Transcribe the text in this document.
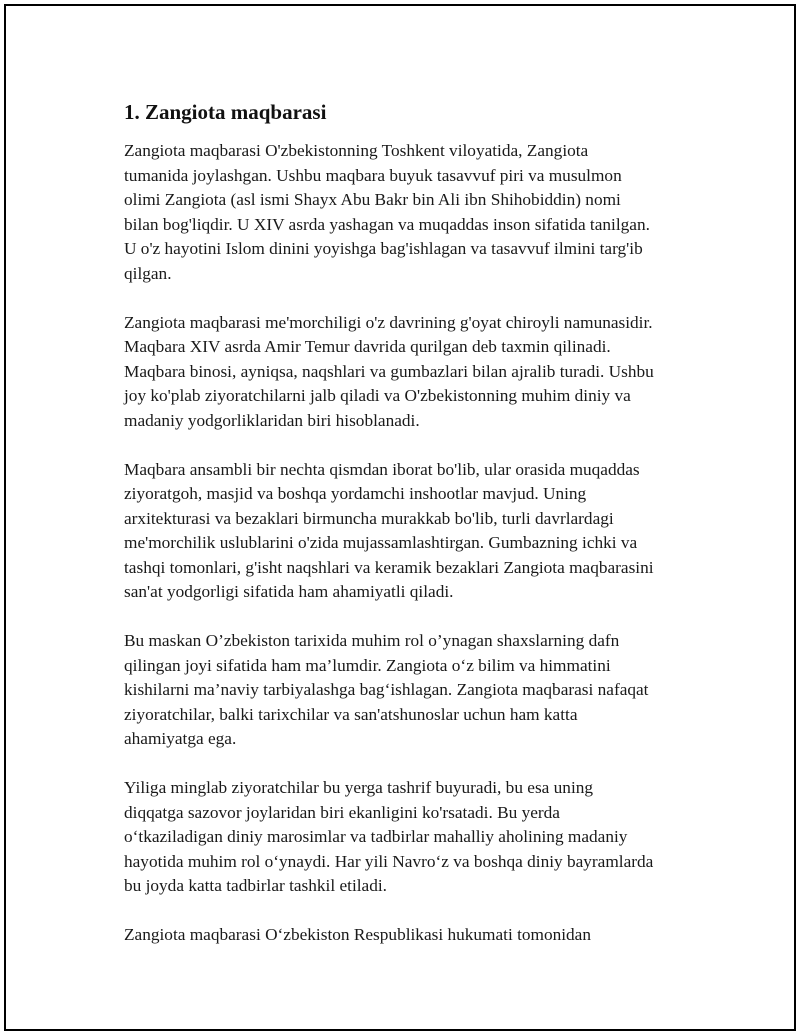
1. Zangiota maqbarasi

Zangiota maqbarasi O'zbekistonning Toshkent viloyatida, Zangiota
tumanida joylashgan. Ushbu maqbara buyuk tasavvuf piri va musulmon
olimi Zangiota (asl ismi Shayx Abu Bakr bin Ali ibn Shihobiddin) nomi
bilan bog'liqdir. U XIV asrda yashagan va muqaddas inson sifatida tanilgan.
U o'z hayotini Islom dinini yoyishga bag'ishlagan va tasavvuf ilmini targ'ib
qilgan.

Zangiota maqbarasi me'morchiligi o'z davrining g'oyat chiroyli namunasidir.
Maqbara XIV asrda Amir Temur davrida qurilgan deb taxmin qilinadi.
Maqbara binosi, ayniqsa, naqshlari va gumbazlari bilan ajralib turadi. Ushbu
joy ko'plab ziyoratchilarni jalb qiladi va O'zbekistonning muhim diniy va
madaniy yodgorliklaridan biri hisoblanadi.

Maqbara ansambli bir nechta qismdan iborat bo'lib, ular orasida muqaddas
ziyoratgoh, masjid va boshqa yordamchi inshootlar mavjud. Uning
arxitekturasi va bezaklari birmuncha murakkab bo'lib, turli davrlardagi
me'morchilik uslublarini o'zida mujassamlashtirgan. Gumbazning ichki va
tashqi tomonlari, g'isht naqshlari va keramik bezaklari Zangiota maqbarasini
san'at yodgorligi sifatida ham ahamiyatli qiladi.

Bu maskan O’zbekiston tarixida muhim rol o’ynagan shaxslarning dafn
qilingan joyi sifatida ham ma’lumdir. Zangiota o‘z bilim va himmatini
kishilarni ma’naviy tarbiyalashga bag‘ishlagan. Zangiota maqbarasi nafaqat
ziyoratchilar, balki tarixchilar va san'atshunoslar uchun ham katta
ahamiyatga ega.

Yiliga minglab ziyoratchilar bu yerga tashrif buyuradi, bu esa uning
diqqatga sazovor joylaridan biri ekanligini ko'rsatadi. Bu yerda
o‘tkaziladigan diniy marosimlar va tadbirlar mahalliy aholining madaniy
hayotida muhim rol o‘ynaydi. Har yili Navro‘z va boshqa diniy bayramlarda
bu joyda katta tadbirlar tashkil etiladi.

Zangiota maqbarasi O‘zbekiston Respublikasi hukumati tomonidan
